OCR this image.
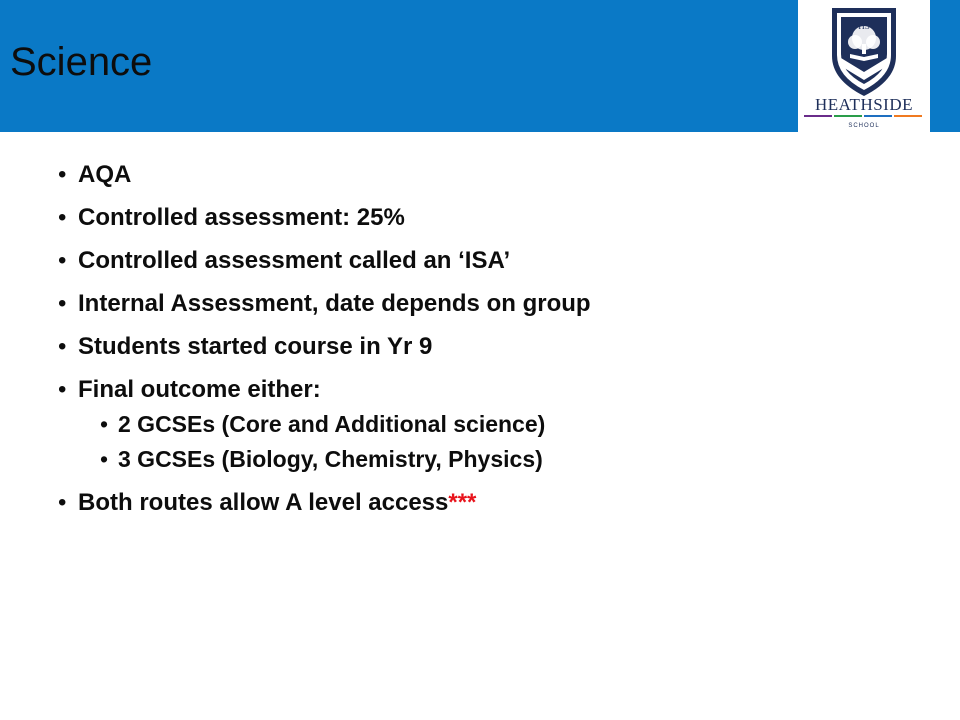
Science
HS
HEATHSIDE
SCHOOL
• AQA
• Controlled assessment: 25%
• Controlled assessment called an ‘ISA’
• Internal Assessment, date depends on group
• Students started course in Yr 9
• Final outcome either:
• 2 GCSEs (Core and Additional science)
• 3 GCSEs (Biology, Chemistry, Physics)
• Both routes allow A level access***
